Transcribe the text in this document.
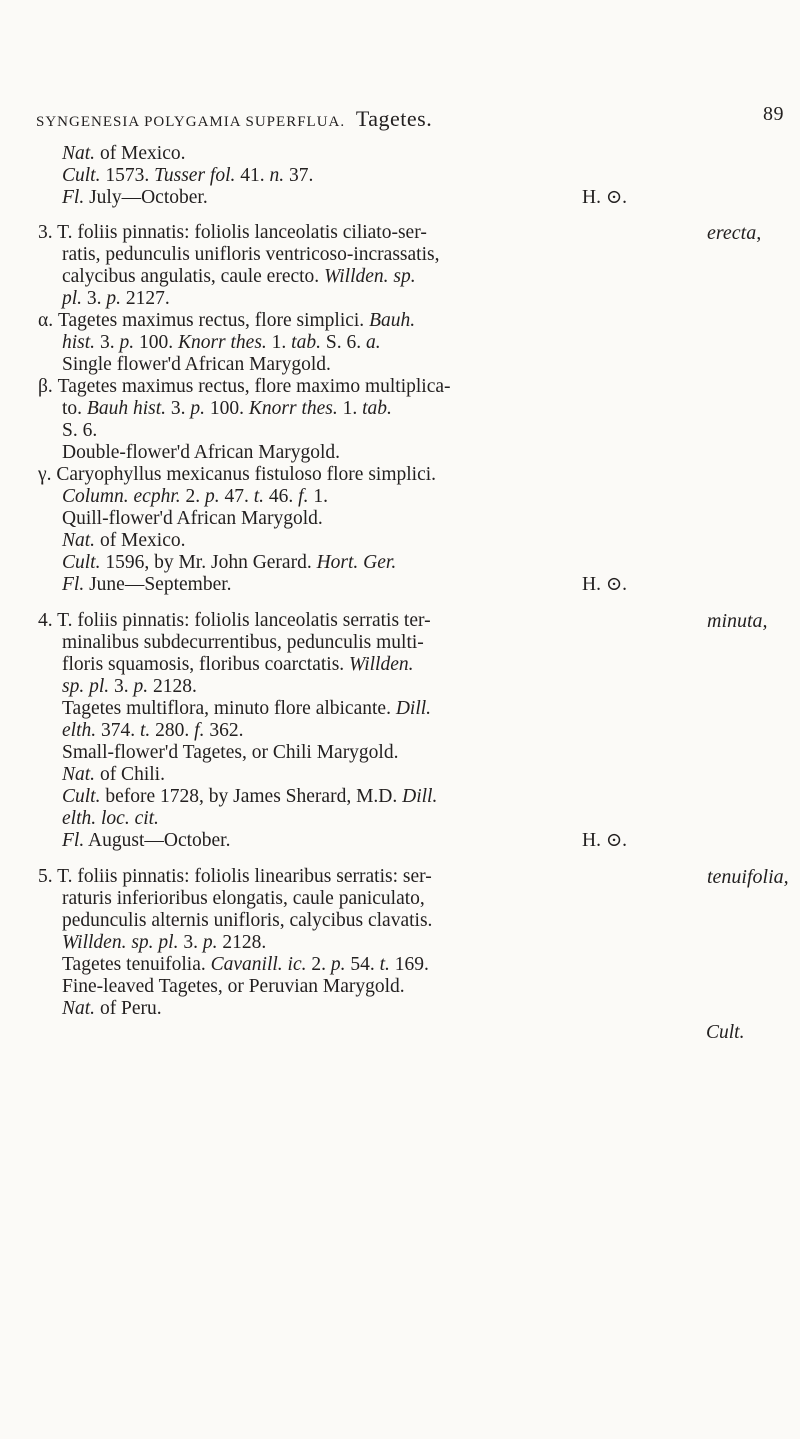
SYNGENESIA POLYGAMIA SUPERFLUA. Tagetes.	89
Nat. of Mexico.
Cult. 1573. Tusser fol. 41. n. 37.
Fl. July—October.	H. ⊙.
erecta,
3. T. foliis pinnatis: foliolis lanceolatis ciliato-ser-
ratis, pedunculis unifloris ventricoso-incrassatis,
calycibus angulatis, caule erecto. Willden. sp.
pl. 3. p. 2127.
α. Tagetes maximus rectus, flore simplici. Bauh.
hist. 3. p. 100. Knorr thes. 1. tab. S. 6. a.
Single flower'd African Marygold.
β. Tagetes maximus rectus, flore maximo multiplica-
to. Bauh hist. 3. p. 100. Knorr thes. 1. tab.
S. 6.
Double-flower'd African Marygold.
γ. Caryophyllus mexicanus fistuloso flore simplici.
Column. ecphr. 2. p. 47. t. 46. f. 1.
Quill-flower'd African Marygold.
Nat. of Mexico.
Cult. 1596, by Mr. John Gerard. Hort. Ger.
Fl. June—September.	H. ⊙.
minuta,
4. T. foliis pinnatis: foliolis lanceolatis serratis ter-
minalibus subdecurrentibus, pedunculis multi-
floris squamosis, floribus coarctatis. Willden.
sp. pl. 3. p. 2128.
Tagetes multiflora, minuto flore albicante. Dill.
elth. 374. t. 280. f. 362.
Small-flower'd Tagetes, or Chili Marygold.
Nat. of Chili.
Cult. before 1728, by James Sherard, M.D. Dill.
elth. loc. cit.
Fl. August—October.	H. ⊙.
tenuifolia,
5. T. foliis pinnatis: foliolis linearibus serratis: ser-
raturis inferioribus elongatis, caule paniculato,
pedunculis alternis unifloris, calycibus clavatis.
Willden. sp. pl. 3. p. 2128.
Tagetes tenuifolia. Cavanill. ic. 2. p. 54. t. 169.
Fine-leaved Tagetes, or Peruvian Marygold.
Nat. of Peru.
Cult.
